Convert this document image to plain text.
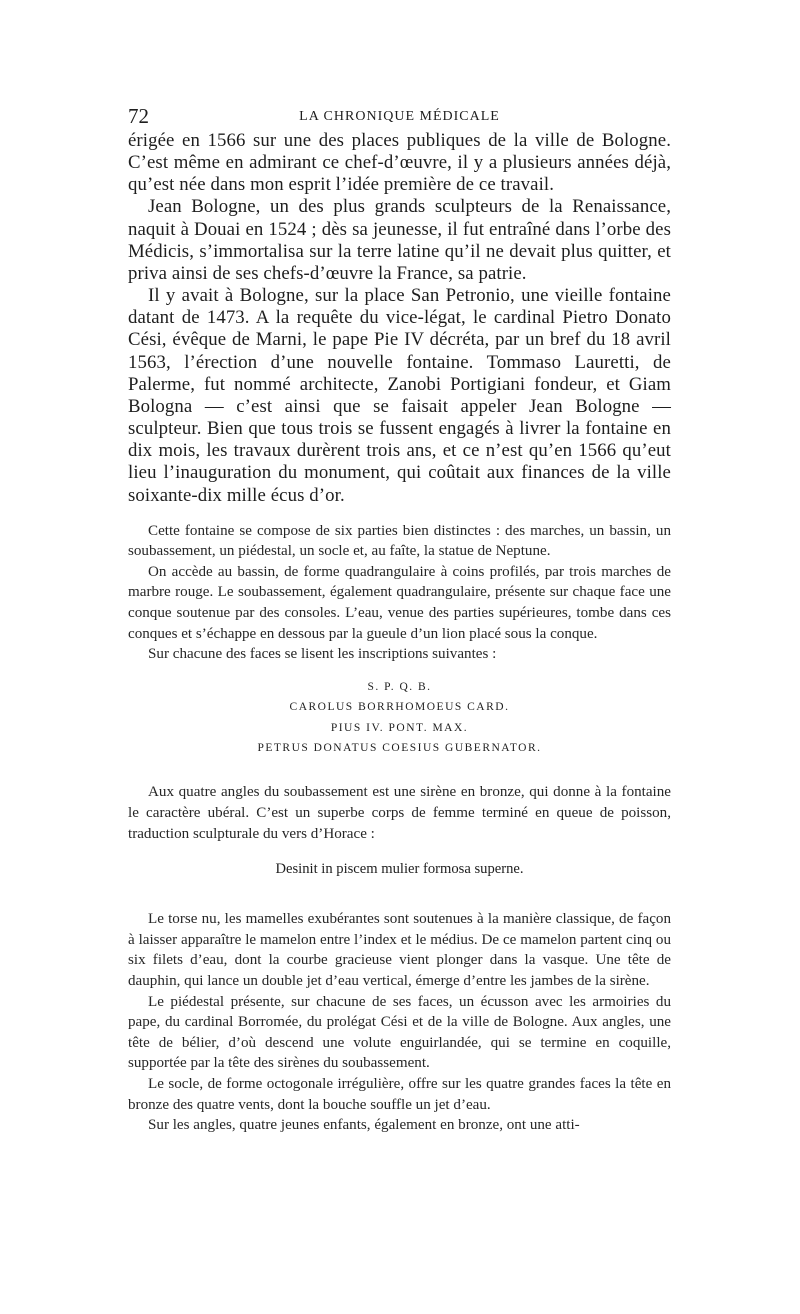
72	LA CHRONIQUE MÉDICALE

érigée en 1566 sur une des places publiques de la ville de Bologne. C’est même en admirant ce chef-d’œuvre, il y a plusieurs années déjà, qu’est née dans mon esprit l’idée première de ce travail.

Jean Bologne, un des plus grands sculpteurs de la Renaissance, naquit à Douai en 1524 ; dès sa jeunesse, il fut entraîné dans l’orbe des Médicis, s’immortalisa sur la terre latine qu’il ne devait plus quitter, et priva ainsi de ses chefs-d’œuvre la France, sa patrie.

Il y avait à Bologne, sur la place San Petronio, une vieille fontaine datant de 1473. A la requête du vice-légat, le cardinal Pietro Donato Cési, évêque de Marni, le pape Pie IV décréta, par un bref du 18 avril 1563, l’érection d’une nouvelle fontaine. Tommaso Lauretti, de Palerme, fut nommé architecte, Zanobi Portigiani fondeur, et Giam Bologna — c’est ainsi que se faisait appeler Jean Bologne — sculpteur. Bien que tous trois se fussent engagés à livrer la fontaine en dix mois, les travaux durèrent trois ans, et ce n’est qu’en 1566 qu’eut lieu l’inauguration du monument, qui coûtait aux finances de la ville soixante-dix mille écus d’or.

Cette fontaine se compose de six parties bien distinctes : des marches, un bassin, un soubassement, un piédestal, un socle et, au faîte, la statue de Neptune.

On accède au bassin, de forme quadrangulaire à coins profilés, par trois marches de marbre rouge. Le soubassement, également quadrangulaire, présente sur chaque face une conque soutenue par des consoles. L’eau, venue des parties supérieures, tombe dans ces conques et s’échappe en dessous par la gueule d’un lion placé sous la conque.

Sur chacune des faces se lisent les inscriptions suivantes :

S. P. Q. B.
CAROLUS BORRHOMOEUS CARD.
PIUS IV. PONT. MAX.
PETRUS DONATUS COESIUS GUBERNATOR.

Aux quatre angles du soubassement est une sirène en bronze, qui donne à la fontaine le caractère ubéral. C’est un superbe corps de femme terminé en queue de poisson, traduction sculpturale du vers d’Horace :

Desinit in piscem mulier formosa superne.

Le torse nu, les mamelles exubérantes sont soutenues à la manière classique, de façon à laisser apparaître le mamelon entre l’index et le médius. De ce mamelon partent cinq ou six filets d’eau, dont la courbe gracieuse vient plonger dans la vasque. Une tête de dauphin, qui lance un double jet d’eau vertical, émerge d’entre les jambes de la sirène.

Le piédestal présente, sur chacune de ses faces, un écusson avec les armoiries du pape, du cardinal Borromée, du prolégat Cési et de la ville de Bologne. Aux angles, une tête de bélier, d’où descend une volute enguirlandée, qui se termine en coquille, supportée par la tête des sirènes du soubassement.

Le socle, de forme octogonale irrégulière, offre sur les quatre grandes faces la tête en bronze des quatre vents, dont la bouche souffle un jet d’eau.

Sur les angles, quatre jeunes enfants, également en bronze, ont une atti-
